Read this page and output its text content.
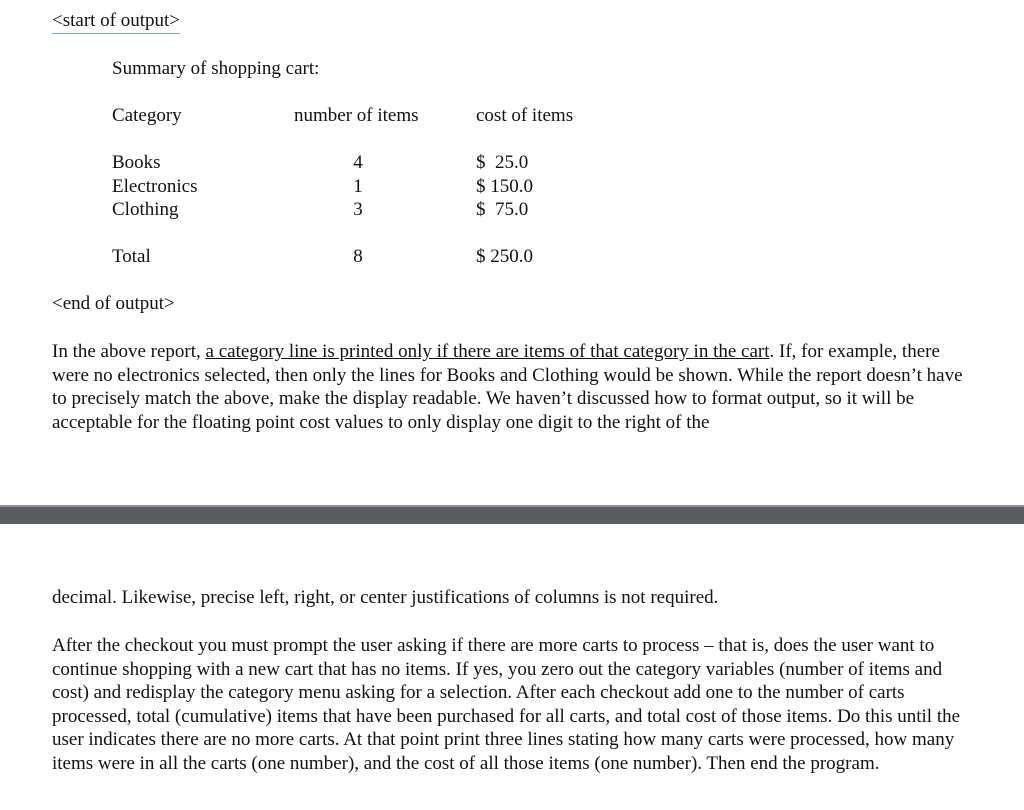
<start of output>
Summary of shopping cart:
Category	number of items	cost of items
Books	4	$  25.0
Electronics	1	$ 150.0
Clothing	3	$  75.0
Total	8	$ 250.0
<end of output>

In the above report, a category line is printed only if there are items of that category in the cart. If, for example, there were no electronics selected, then only the lines for Books and Clothing would be shown. While the report doesn’t have to precisely match the above, make the display readable. We haven’t discussed how to format output, so it will be acceptable for the floating point cost values to only display one digit to the right of the

decimal. Likewise, precise left, right, or center justifications of columns is not required.

After the checkout you must prompt the user asking if there are more carts to process – that is, does the user want to continue shopping with a new cart that has no items. If yes, you zero out the category variables (number of items and cost) and redisplay the category menu asking for a selection. After each checkout add one to the number of carts processed, total (cumulative) items that have been purchased for all carts, and total cost of those items. Do this until the user indicates there are no more carts. At that point print three lines stating how many carts were processed, how many items were in all the carts (one number), and the cost of all those items (one number). Then end the program.
